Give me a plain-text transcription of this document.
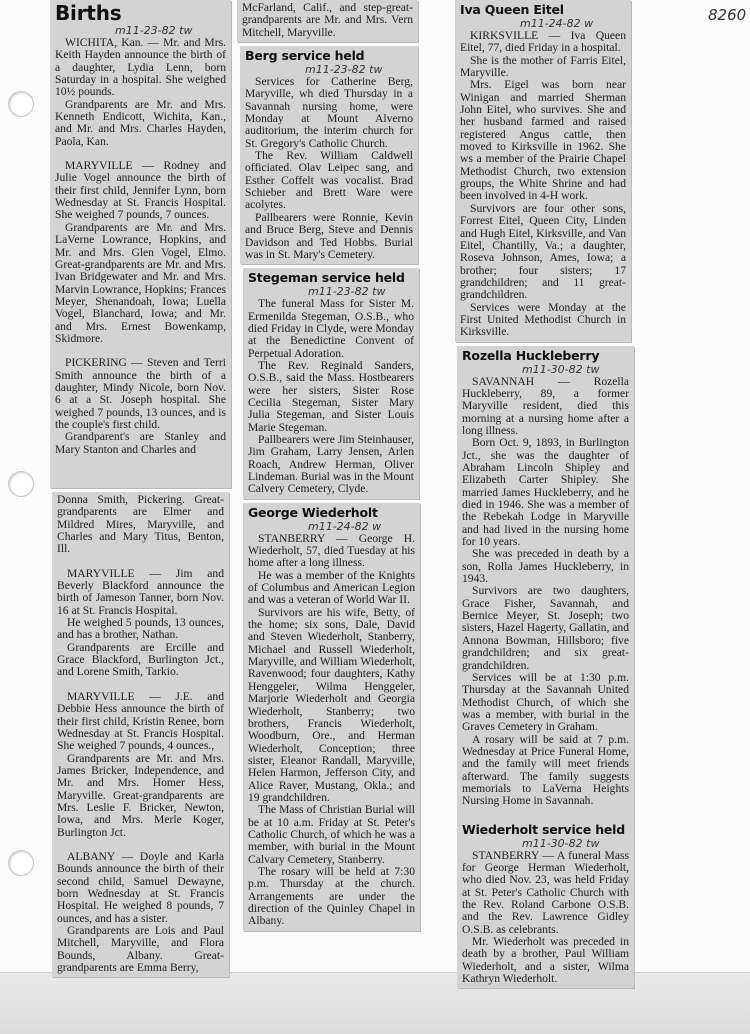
8260
Births
m11-23-82 tw

WICHITA, Kan. — Mr. and Mrs. Keith Hayden announce the birth of a daughter, Lydia Lenn, born Saturday in a hospital. She weighed 10½ pounds.

Grandparents are Mr. and Mrs. Kenneth Endicott, Wichita, Kan., and Mr. and Mrs. Charles Hayden, Paola, Kan.

MARYVILLE — Rodney and Julie Vogel announce the birth of their first child, Jennifer Lynn, born Wednesday at St. Francis Hospital. She weighed 7 pounds, 7 ounces.

Grandparents are Mr. and Mrs. LaVerne Lowrance, Hopkins, and Mr. and Mrs. Glen Vogel, Elmo. Great-grandparents are Mr. and Mrs. Ivan Bridgewater and Mr. and Mrs. Marvin Lowrance, Hopkins; Frances Meyer, Shenandoah, Iowa; Luella Vogel, Blanchard, Iowa; and Mr. and Mrs. Ernest Bowenkamp, Skidmore.

PICKERING — Steven and Terri Smith announce the birth of a daughter, Mindy Nicole, born Nov. 6 at a St. Joseph hospital. She weighed 7 pounds, 13 ounces, and is the couple's first child.

Grandparent's are Stanley and Mary Stanton and Charles and

Donna Smith, Pickering. Great-grandparents are Elmer and Mildred Mires, Maryville, and Charles and Mary Titus, Benton, Ill.

MARYVILLE — Jim and Beverly Blackford announce the birth of Jameson Tanner, born Nov. 16 at St. Francis Hospital.

He weighed 5 pounds, 13 ounces, and has a brother, Nathan.

Grandparents are Ercille and Grace Blackford, Burlington Jct., and Lorene Smith, Tarkio.

MARYVILLE — J.E. and Debbie Hess announce the birth of their first child, Kristin Renee, born Wednesday at St. Francis Hospital. She weighed 7 pounds, 4 ounces.,

Grandparents are Mr. and Mrs. James Bricker, Independence, and Mr. and Mrs. Homer Hess, Maryville. Great-grandparents are Mrs. Leslie F. Bricker, Newton, Iowa, and Mrs. Merle Koger, Burlington Jct.

ALBANY — Doyle and Karla Bounds announce the birth of their second child, Samuel Dewayne, born Wednesday at St. Francis Hospital. He weighed 8 pounds, 7 ounces, and has a sister.

Grandparents are Lois and Paul Mitchell, Maryville, and Flora Bounds, Albany. Great-grandparents are Emma Berry,

McFarland, Calif., and step-great-grandparents are Mr. and Mrs. Vern Mitchell, Maryville.

Berg service held
m11-23-82 tw

Services for Catherine Berg, Maryville, wh died Thursday in a Savannah nursing home, were Monday at Mount Alverno auditorium, the interim church for St. Gregory's Catholic Church.

The Rev. William Caldwell officiated. Olav Leipec sang, and Esther Coffelt was vocalist. Brad Schieber and Brett Ware were acolytes.

Pallbearers were Ronnie, Kevin and Bruce Berg, Steve and Dennis Davidson and Ted Hobbs. Burial was in St. Mary's Cemetery.

Stegeman service held
m11-23-82 tw

The funeral Mass for Sister M. Ermenilda Stegeman, O.S.B., who died Friday in Clyde, were Monday at the Benedictine Convent of Perpetual Adoration.

The Rev. Reginald Sanders, O.S.B., said the Mass. Hostbearers were her sisters, Sister Rose Cecilia Stegeman, Sister Mary Julia Stegeman, and Sister Louis Marie Stegeman.

Pallbearers were Jim Steinhauser, Jim Graham, Larry Jensen, Arlen Roach, Andrew Herman, Oliver Lindeman. Burial was in the Mount Calvery Cemetery, Clyde.

George Wiederholt
m11-24-82 w

STANBERRY — George H. Wiederholt, 57, died Tuesday at his home after a long illness.

He was a member of the Knights of Columbus and American Legion and was a veteran of World War II.

Survivors are his wife, Betty, of the home; six sons, Dale, David and Steven Wiederholt, Stanberry, Michael and Russell Wiederholt, Maryville, and William Wiederholt, Ravenwood; four daughters, Kathy Henggeler, Wilma Henggeler, Marjorie Wiederholt and Georgia Wiederholt, Stanberry; two brothers, Francis Wiederholt, Woodburn, Ore., and Herman Wiederholt, Conception; three sister, Eleanor Randall, Maryville, Helen Harmon, Jefferson City, and Alice Raver, Mustang, Okla.; and 19 grandchildren.

The Mass of Christian Burial will be at 10 a.m. Friday at St. Peter's Catholic Church, of which he was a member, with burial in the Mount Calvary Cemetery, Stanberry.

The rosary will be held at 7:30 p.m. Thursday at the church. Arrangements are under the direction of the Quinley Chapel in Albany.

Iva Queen Eitel
m11-24-82 w

KIRKSVILLE — Iva Queen Eitel, 77, died Friday in a hospital.

She is the mother of Farris Eitel, Maryville.

Mrs. Eigel was born near Winigan and married Sherman John Eitel, who survives. She and her husband farmed and raised registered Angus cattle, then moved to Kirksville in 1962. She ws a member of the Prairie Chapel Methodist Church, two extension groups, the White Shrine and had been involved in 4-H work.

Survivors are four other sons, Forrest Eitel, Queen City, Linden and Hugh Eitel, Kirksville, and Van Eitel, Chantilly, Va.; a daughter, Roseva Johnson, Ames, Iowa; a brother; four sisters; 17 grandchildren; and 11 great-grandchildren.

Services were Monday at the First United Methodist Church in Kirksville.

Rozella Huckleberry
m11-30-82 tw

SAVANNAH — Rozella Huckleberry, 89, a former Maryville resident, died this morning at a nursing home after a long illness.

Born Oct. 9, 1893, in Burlington Jct., she was the daughter of Abraham Lincoln Shipley and Elizabeth Carter Shipley. She married James Huckleberry, and he died in 1946. She was a member of the Rebekah Lodge in Maryville and had lived in the nursing home for 10 years.

She was preceded in death by a son, Rolla James Huckleberry, in 1943.

Survivors are two daughters, Grace Fisher, Savannah, and Bernice Meyer, St. Joseph; two sisters, Hazel Hagerty, Gallatin, and Annona Bowman, Hillsboro; five grandchildren; and six great-grandchildren.

Services will be at 1:30 p.m. Thursday at the Savannah United Methodist Church, of which she was a member, with burial in the Graves Cemetery in Graham.

A rosary will be said at 7 p.m. Wednesday at Price Funeral Home, and the family will meet friends afterward. The family suggests memorials to LaVerna Heights Nursing Home in Savannah.

Wiederholt service held
m11-30-82 tw

STANBERRY — A funeral Mass for George Herman Wiederholt, who died Nov. 23, was held Friday at St. Peter's Catholic Church with the Rev. Roland Carbone O.S.B. and the Rev. Lawrence Gidley O.S.B. as celebrants.

Mr. Wiederholt was preceded in death by a brother, Paul William Wiederholt, and a sister, Wilma Kathryn Wiederholt.
